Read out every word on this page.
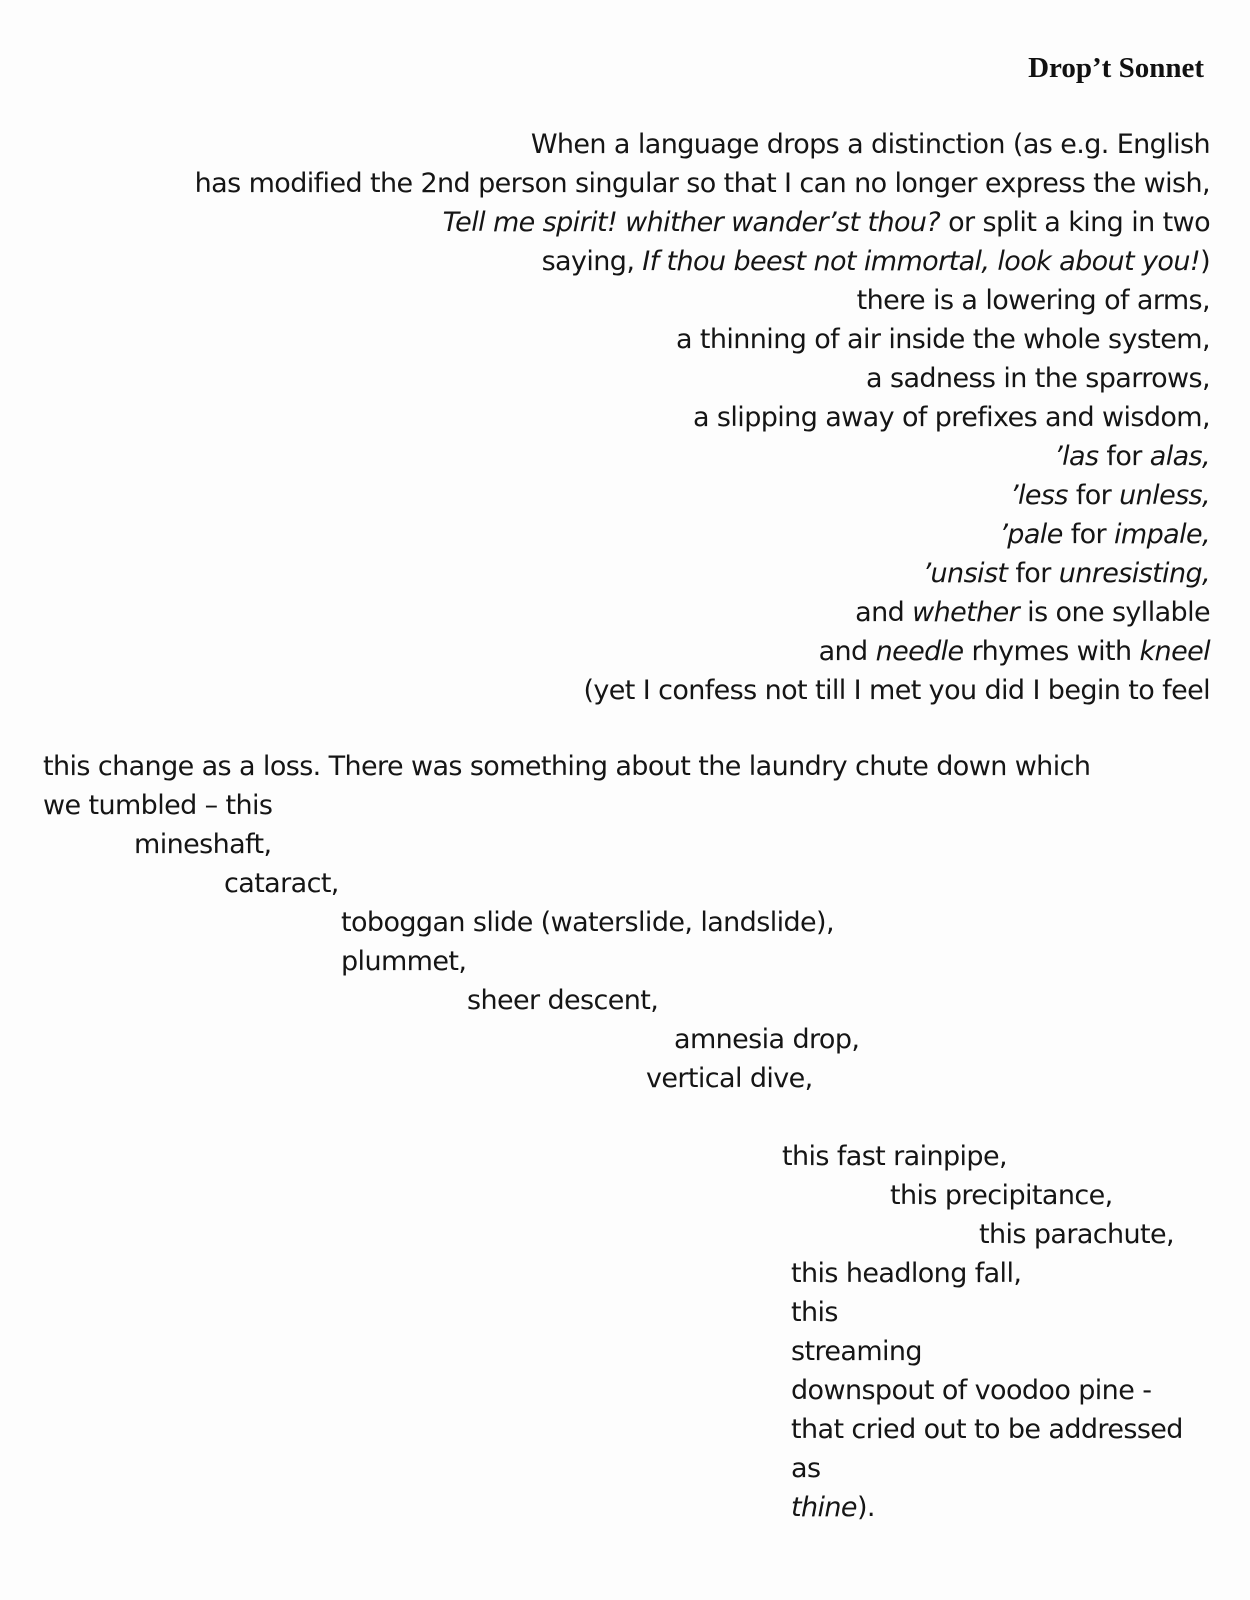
Drop’t Sonnet
When a language drops a distinction (as e.g. English
has modified the 2nd person singular so that I can no longer express the wish,
Tell me spirit! whither wander’st thou? or split a king in two
saying, If thou beest not immortal, look about you!)
there is a lowering of arms,
a thinning of air inside the whole system,
a sadness in the sparrows,
a slipping away of prefixes and wisdom,
’las for alas,
’less for unless,
’pale for impale,
’unsist for unresisting,
and whether is one syllable
and needle rhymes with kneel
(yet I confess not till I met you did I begin to feel
this change as a loss. There was something about the laundry chute down which
we tumbled – this
mineshaft,
cataract,
toboggan slide (waterslide, landslide),
plummet,
sheer descent,
amnesia drop,
vertical dive,
this fast rainpipe,
this precipitance,
this parachute,
this headlong fall,
this
streaming
downspout of voodoo pine -
that cried out to be addressed
as
thine).
